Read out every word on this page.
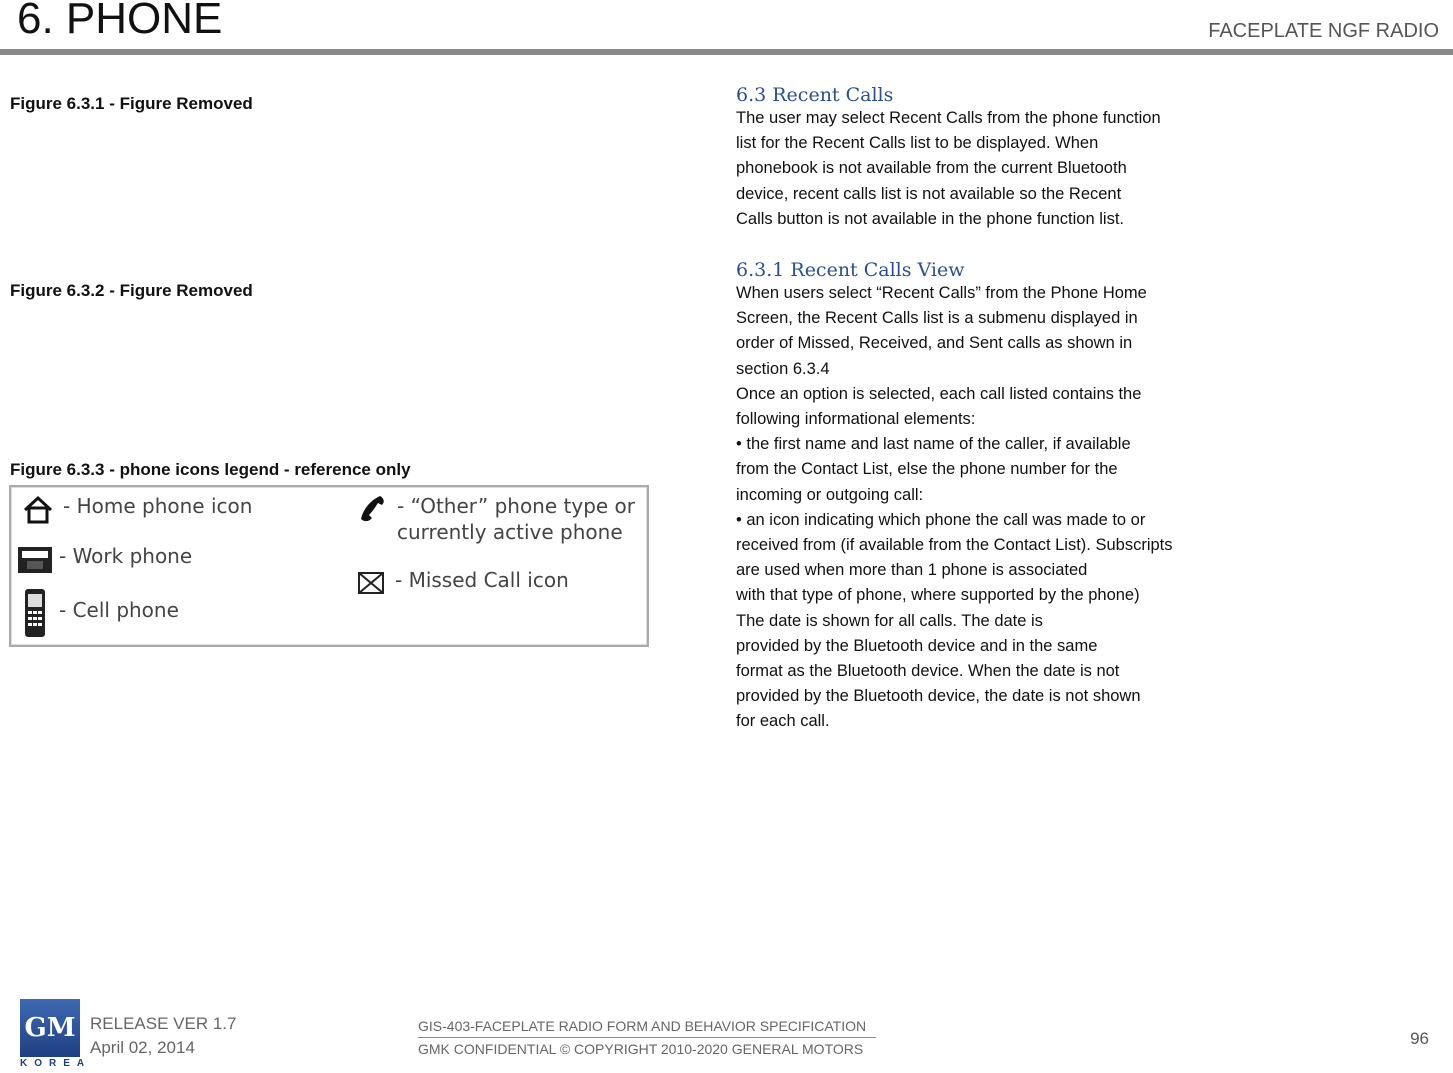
6. PHONE	FACEPLATE NGF RADIO
Figure 6.3.1 - Figure Removed
Figure 6.3.2 - Figure Removed
Figure 6.3.3 - phone icons legend - reference only
- Home phone icon
- Work phone
- Cell phone
- “Other” phone type or
currently active phone
- Missed Call icon
6.3 Recent Calls

The user may select Recent Calls from the phone function

list for the Recent Calls list to be displayed. When

phonebook is not available from the current Bluetooth

device, recent calls list is not available so the Recent

Calls button is not available in the phone function list.

6.3.1 Recent Calls View

When users select “Recent Calls” from the Phone Home

Screen, the Recent Calls list is a submenu displayed in

order of Missed, Received, and Sent calls as shown in

section 6.3.4

Once an option is selected, each call listed contains the

following informational elements:

• the first name and last name of the caller, if available

from the Contact List, else the phone number for the

incoming or outgoing call:

• an icon indicating which phone the call was made to or

received from (if available from the Contact List). Subscripts

are used when more than 1 phone is associated

with that type of phone, where supported by the phone)

The date is shown for all calls. The date is

provided by the Bluetooth device and in the same

format as the Bluetooth device. When the date is not

provided by the Bluetooth device, the date is not shown

for each call.

GM
KOREA
RELEASE VER 1.7
April 02, 2014
GIS-403-FACEPLATE RADIO FORM AND BEHAVIOR SPECIFICATION
GMK CONFIDENTIAL © COPYRIGHT 2010-2020 GENERAL MOTORS
96
